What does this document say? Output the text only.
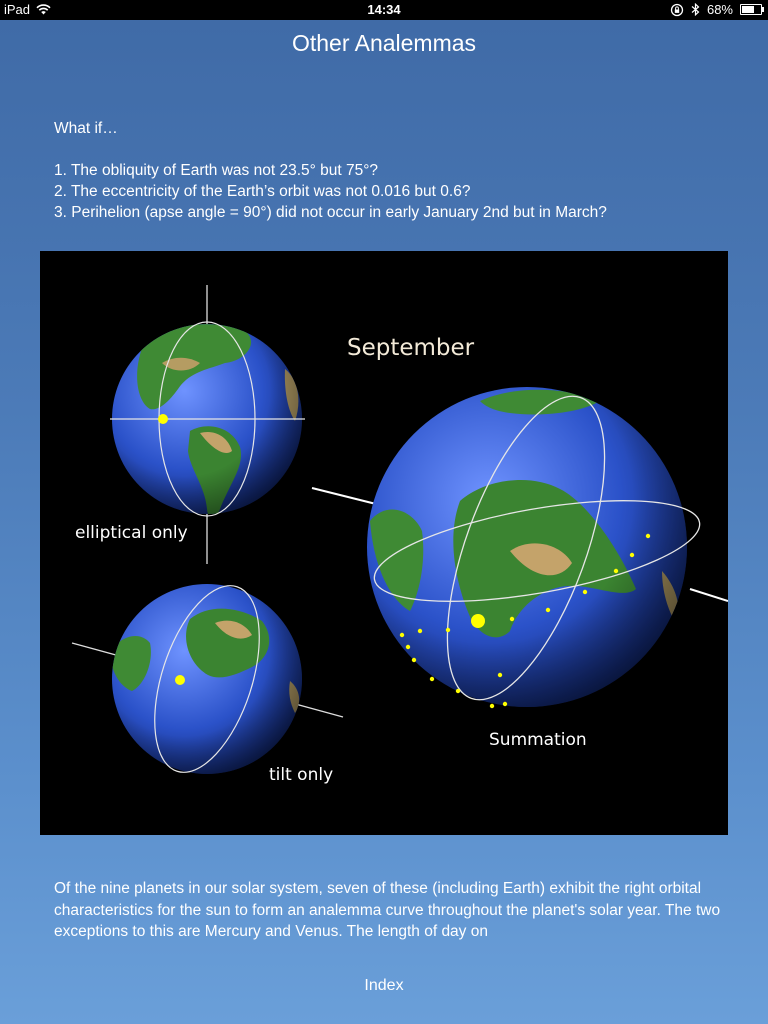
iPad	14:34	68%
Other Analemmas

What if…

1. The obliquity of Earth was not 23.5° but 75°?

2. The eccentricity of the Earth’s orbit was not 0.016 but 0.6?

3. Perihelion (apse angle = 90°) did not occur in early January 2nd but in March?

September
elliptical only
tilt only
Summation
Of the nine planets in our solar system, seven of these (including Earth) exhibit the right orbital characteristics for the sun to form an analemma curve throughout the planet's solar year. The two exceptions to this are Mercury and Venus. The length of day on
Index
